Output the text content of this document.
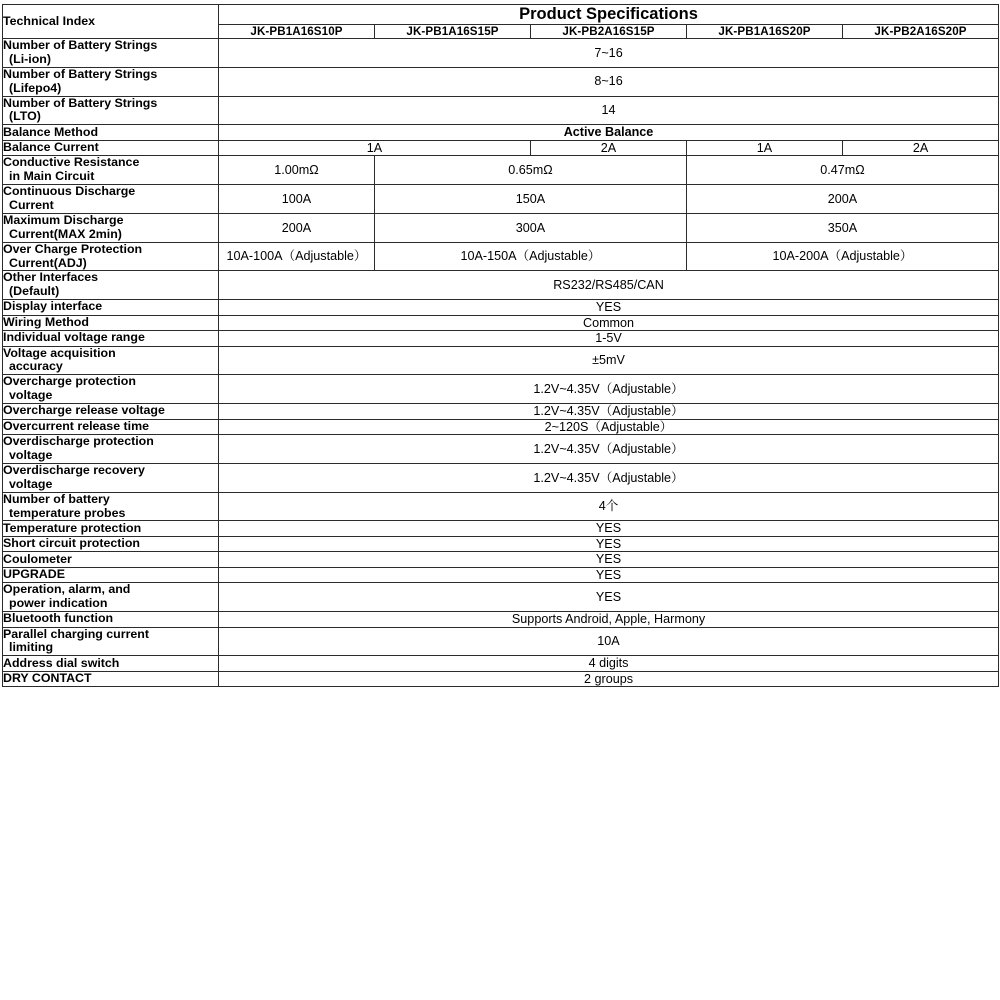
Technical Index	Product Specifications				
	JK-PB1A16S10P	JK-PB1A16S15P	JK-PB2A16S15P	JK-PB1A16S20P	JK-PB2A16S20P
Number of Battery Strings
(Li-ion)	7~16				
Number of Battery Strings
(Lifepo4)	8~16				
Number of Battery Strings
(LTO)	14				
Balance Method	Active Balance				
Balance Current	1A		2A	1A	2A
Conductive Resistance
in Main Circuit	1.00mΩ	0.65mΩ		0.47mΩ	
Continuous Discharge
Current	100A	150A		200A	
Maximum Discharge
Current(MAX 2min)	200A	300A		350A	
Over Charge Protection
Current(ADJ)	10A-100A（Adjustable）	10A-150A（Adjustable）		10A-200A（Adjustable）	
Other Interfaces
(Default)	RS232/RS485/CAN				
Display interface	YES				
Wiring Method	Common				
Individual voltage range	1-5V				
Voltage acquisition
accuracy	±5mV				
Overcharge protection
voltage	1.2V~4.35V（Adjustable）				
Overcharge release voltage	1.2V~4.35V（Adjustable）				
Overcurrent release time	2~120S（Adjustable）				
Overdischarge protection
voltage	1.2V~4.35V（Adjustable）				
Overdischarge recovery
voltage	1.2V~4.35V（Adjustable）				
Number of battery
temperature probes	4个				
Temperature protection	YES				
Short circuit protection	YES				
Coulometer	YES				
UPGRADE	YES				
Operation, alarm, and
power indication	YES				
Bluetooth function	Supports Android, Apple, Harmony				
Parallel charging current
limiting	10A				
Address dial switch	4 digits				
DRY CONTACT	2 groups				
